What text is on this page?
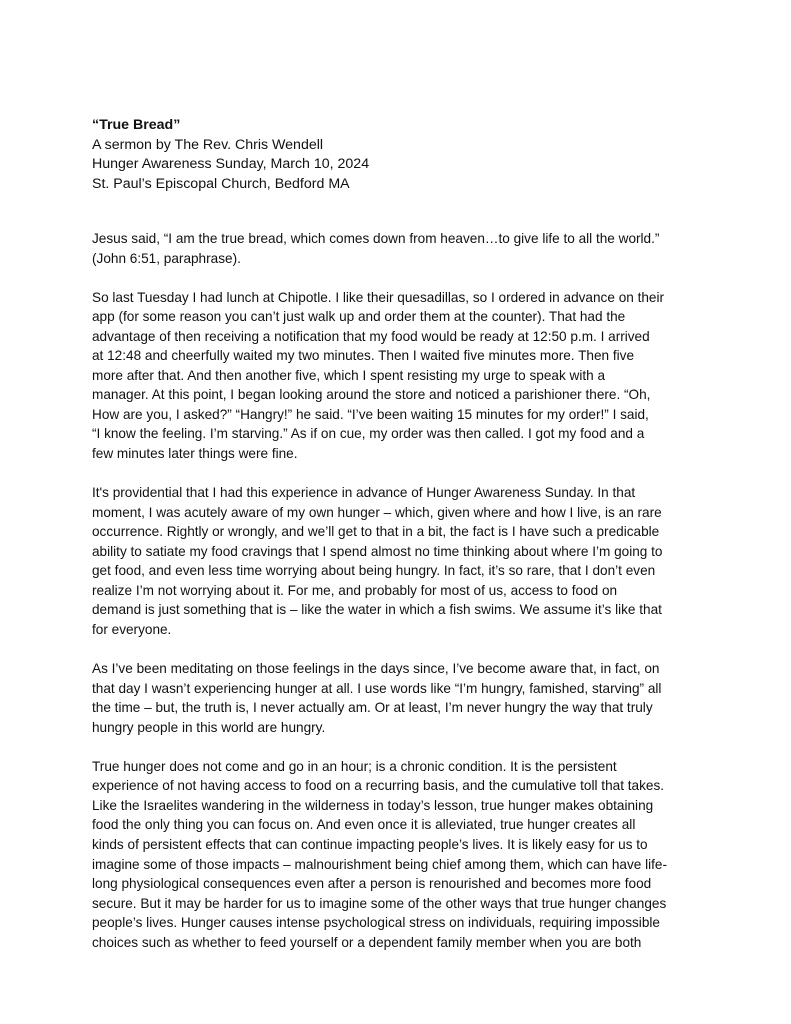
“True Bread”
A sermon by The Rev. Chris Wendell
Hunger Awareness Sunday, March 10, 2024
St. Paul’s Episcopal Church, Bedford MA

Jesus said, “I am the true bread, which comes down from heaven…to give life to all the world.”
(John 6:51, paraphrase).

So last Tuesday I had lunch at Chipotle. I like their quesadillas, so I ordered in advance on their
app (for some reason you can’t just walk up and order them at the counter). That had the
advantage of then receiving a notification that my food would be ready at 12:50 p.m. I arrived
at 12:48 and cheerfully waited my two minutes. Then I waited five minutes more. Then five
more after that. And then another five, which I spent resisting my urge to speak with a
manager. At this point, I began looking around the store and noticed a parishioner there. “Oh,
How are you, I asked?” “Hangry!” he said. “I’ve been waiting 15 minutes for my order!” I said,
“I know the feeling. I’m starving.” As if on cue, my order was then called. I got my food and a
few minutes later things were fine.

It's providential that I had this experience in advance of Hunger Awareness Sunday. In that
moment, I was acutely aware of my own hunger – which, given where and how I live, is an rare
occurrence. Rightly or wrongly, and we’ll get to that in a bit, the fact is I have such a predicable
ability to satiate my food cravings that I spend almost no time thinking about where I’m going to
get food, and even less time worrying about being hungry. In fact, it’s so rare, that I don’t even
realize I’m not worrying about it. For me, and probably for most of us, access to food on
demand is just something that is – like the water in which a fish swims. We assume it’s like that
for everyone.

As I’ve been meditating on those feelings in the days since, I’ve become aware that, in fact, on
that day I wasn’t experiencing hunger at all. I use words like “I’m hungry, famished, starving” all
the time – but, the truth is, I never actually am. Or at least, I’m never hungry the way that truly
hungry people in this world are hungry.

True hunger does not come and go in an hour; is a chronic condition. It is the persistent
experience of not having access to food on a recurring basis, and the cumulative toll that takes.
Like the Israelites wandering in the wilderness in today’s lesson, true hunger makes obtaining
food the only thing you can focus on. And even once it is alleviated, true hunger creates all
kinds of persistent effects that can continue impacting people’s lives. It is likely easy for us to
imagine some of those impacts – malnourishment being chief among them, which can have life-
long physiological consequences even after a person is renourished and becomes more food
secure. But it may be harder for us to imagine some of the other ways that true hunger changes
people’s lives. Hunger causes intense psychological stress on individuals, requiring impossible
choices such as whether to feed yourself or a dependent family member when you are both
